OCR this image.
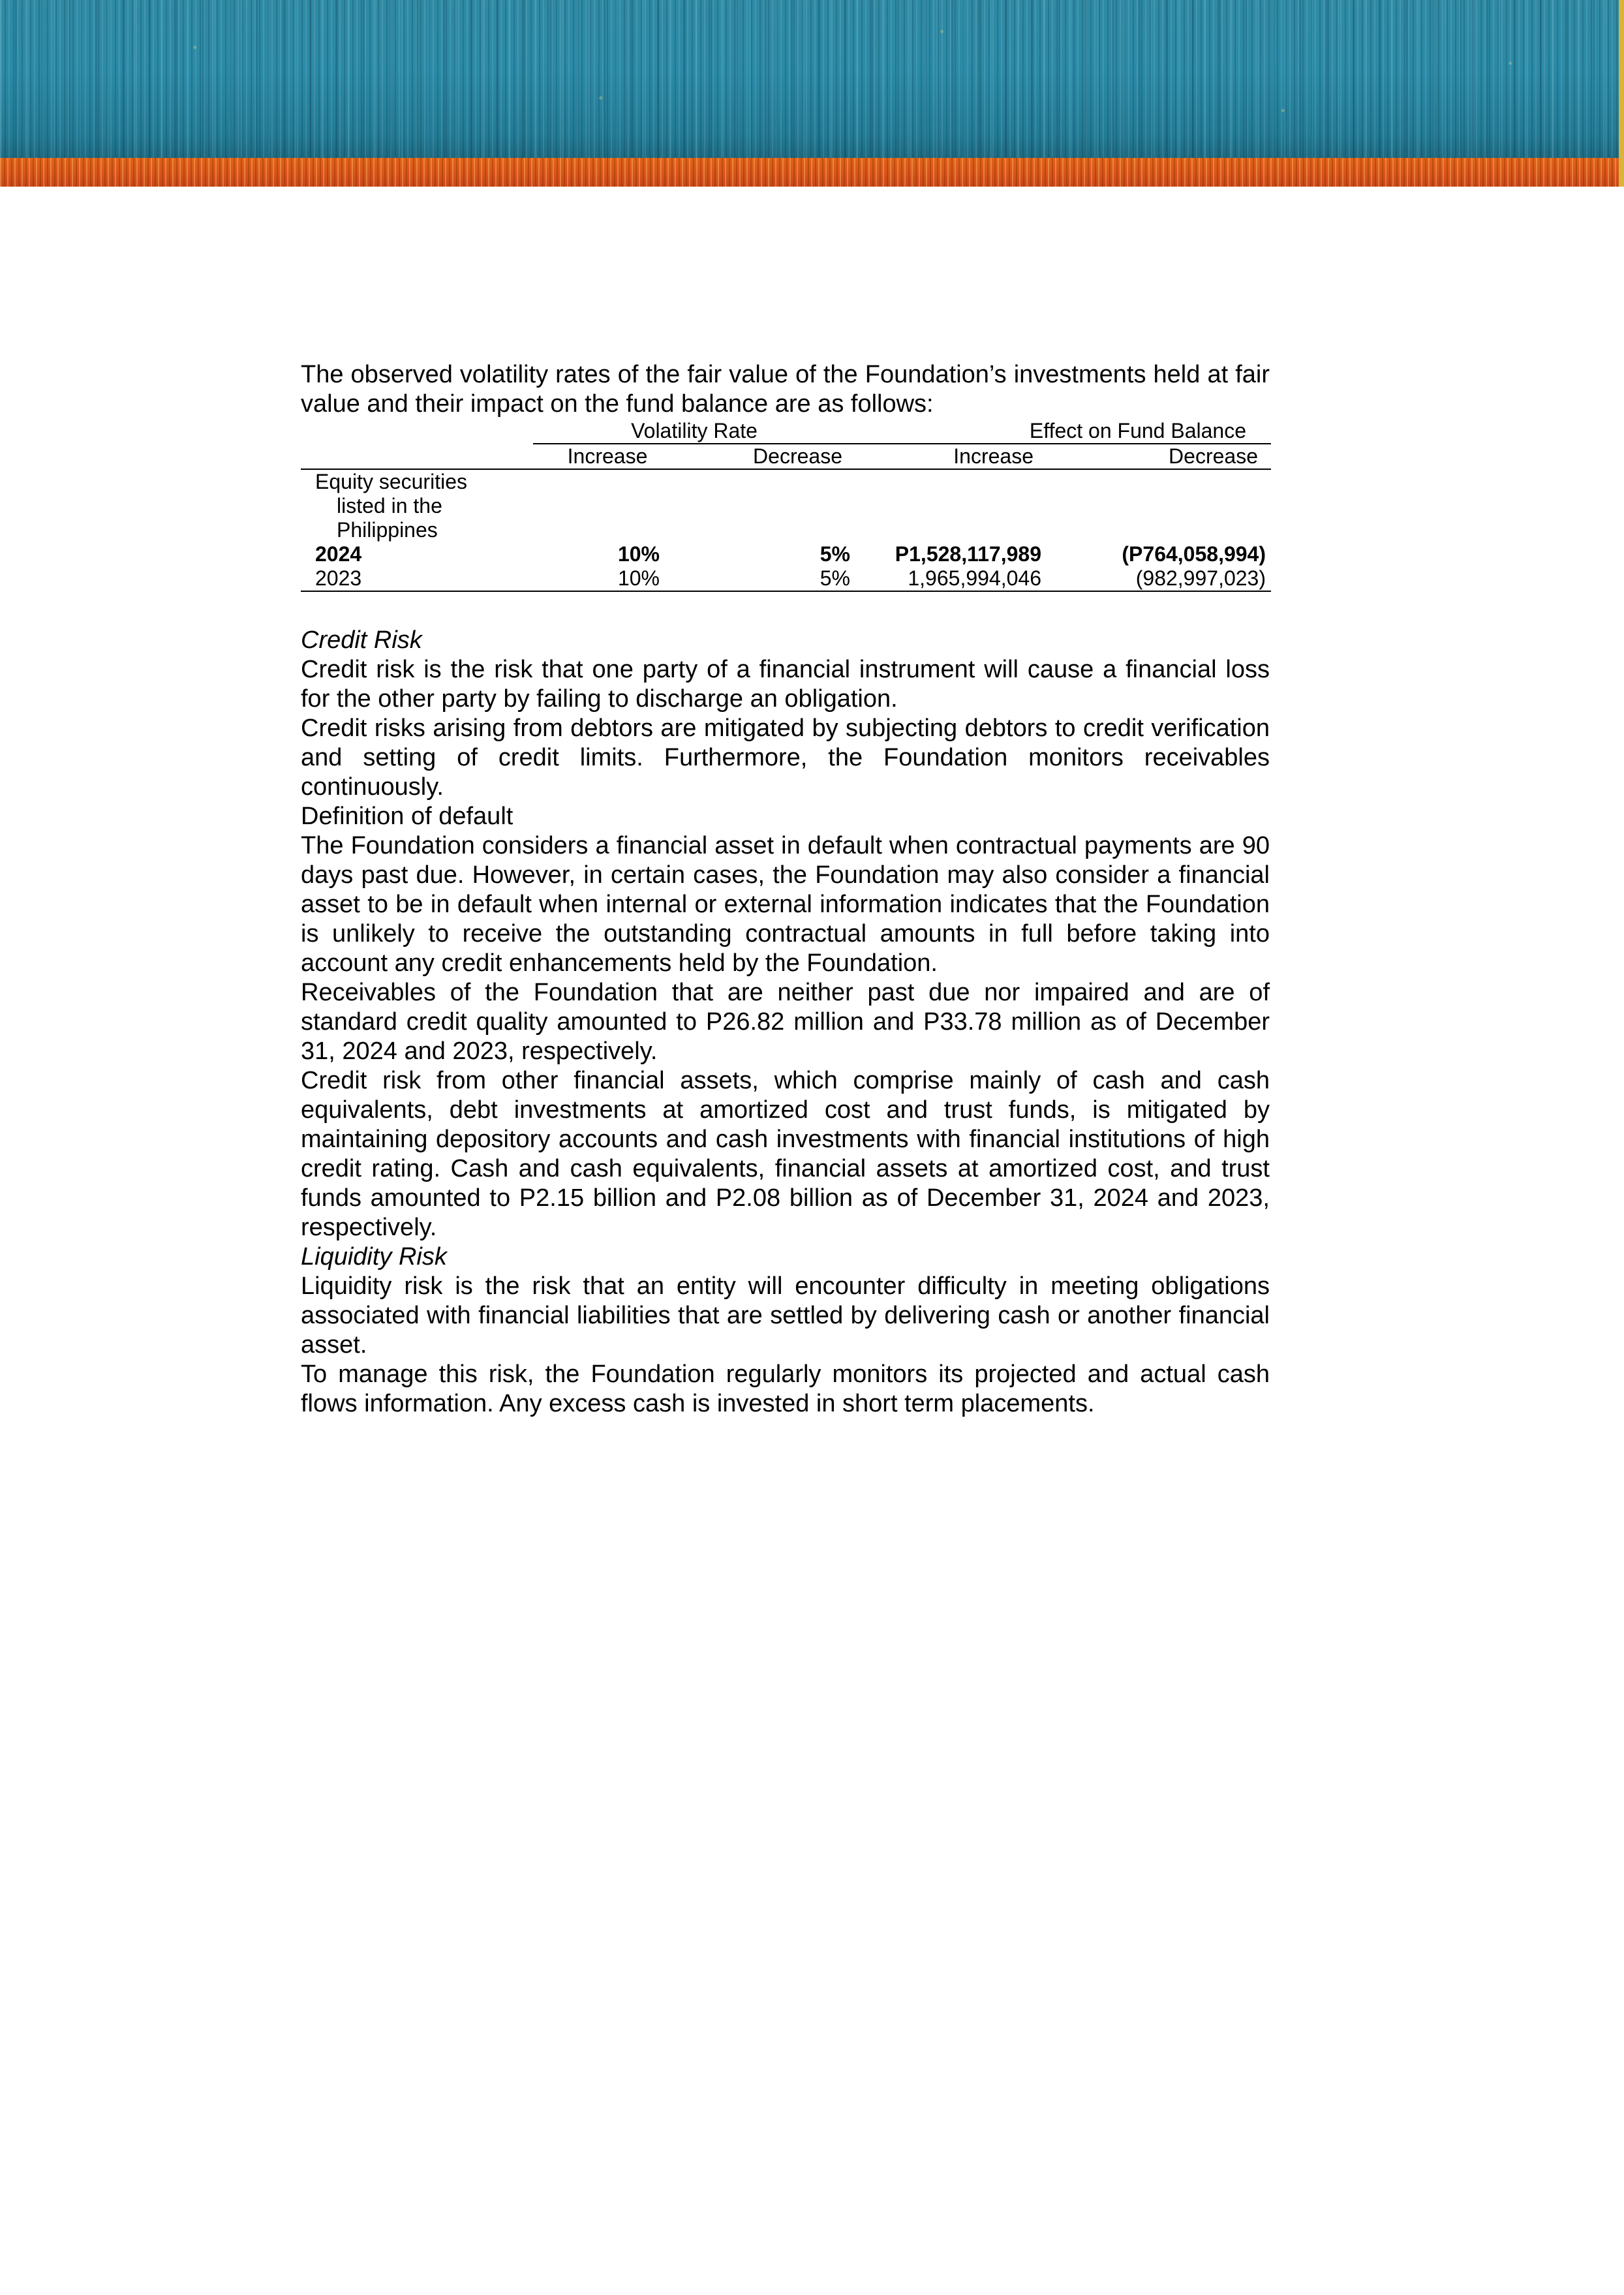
The observed volatility rates of the fair value of the Foundation’s investments held at fair value and their impact on the fund balance are as follows:

	Volatility Rate		Effect on Fund Balance	
	Increase	Decrease	Increase	Decrease
Equity securities				
listed in the				
Philippines				
2024	10%	5%	P1,528,117,989	(P764,058,994)
2023	10%	5%	1,965,994,046	(982,997,023)

Credit Risk

Credit risk is the risk that one party of a financial instrument will cause a financial loss for the other party by failing to discharge an obligation.

Credit risks arising from debtors are mitigated by subjecting debtors to credit verification and setting of credit limits. Furthermore, the Foundation monitors receivables continuously.

Definition of default

The Foundation considers a financial asset in default when contractual payments are 90 days past due. However, in certain cases, the Foundation may also consider a financial asset to be in default when internal or external information indicates that the Foundation is unlikely to receive the outstanding contractual amounts in full before taking into account any credit enhancements held by the Foundation.

Receivables of the Foundation that are neither past due nor impaired and are of standard credit quality amounted to P26.82 million and P33.78 million as of December 31, 2024 and 2023, respectively.

Credit risk from other financial assets, which comprise mainly of cash and cash equivalents, debt investments at amortized cost and trust funds, is mitigated by maintaining depository accounts and cash investments with financial institutions of high credit rating. Cash and cash equivalents, financial assets at amortized cost, and trust funds amounted to P2.15 billion and P2.08 billion as of December 31, 2024 and 2023, respectively.

Liquidity Risk

Liquidity risk is the risk that an entity will encounter difficulty in meeting obligations associated with financial liabilities that are settled by delivering cash or another financial asset.

To manage this risk, the Foundation regularly monitors its projected and actual cash flows information. Any excess cash is invested in short term placements.
